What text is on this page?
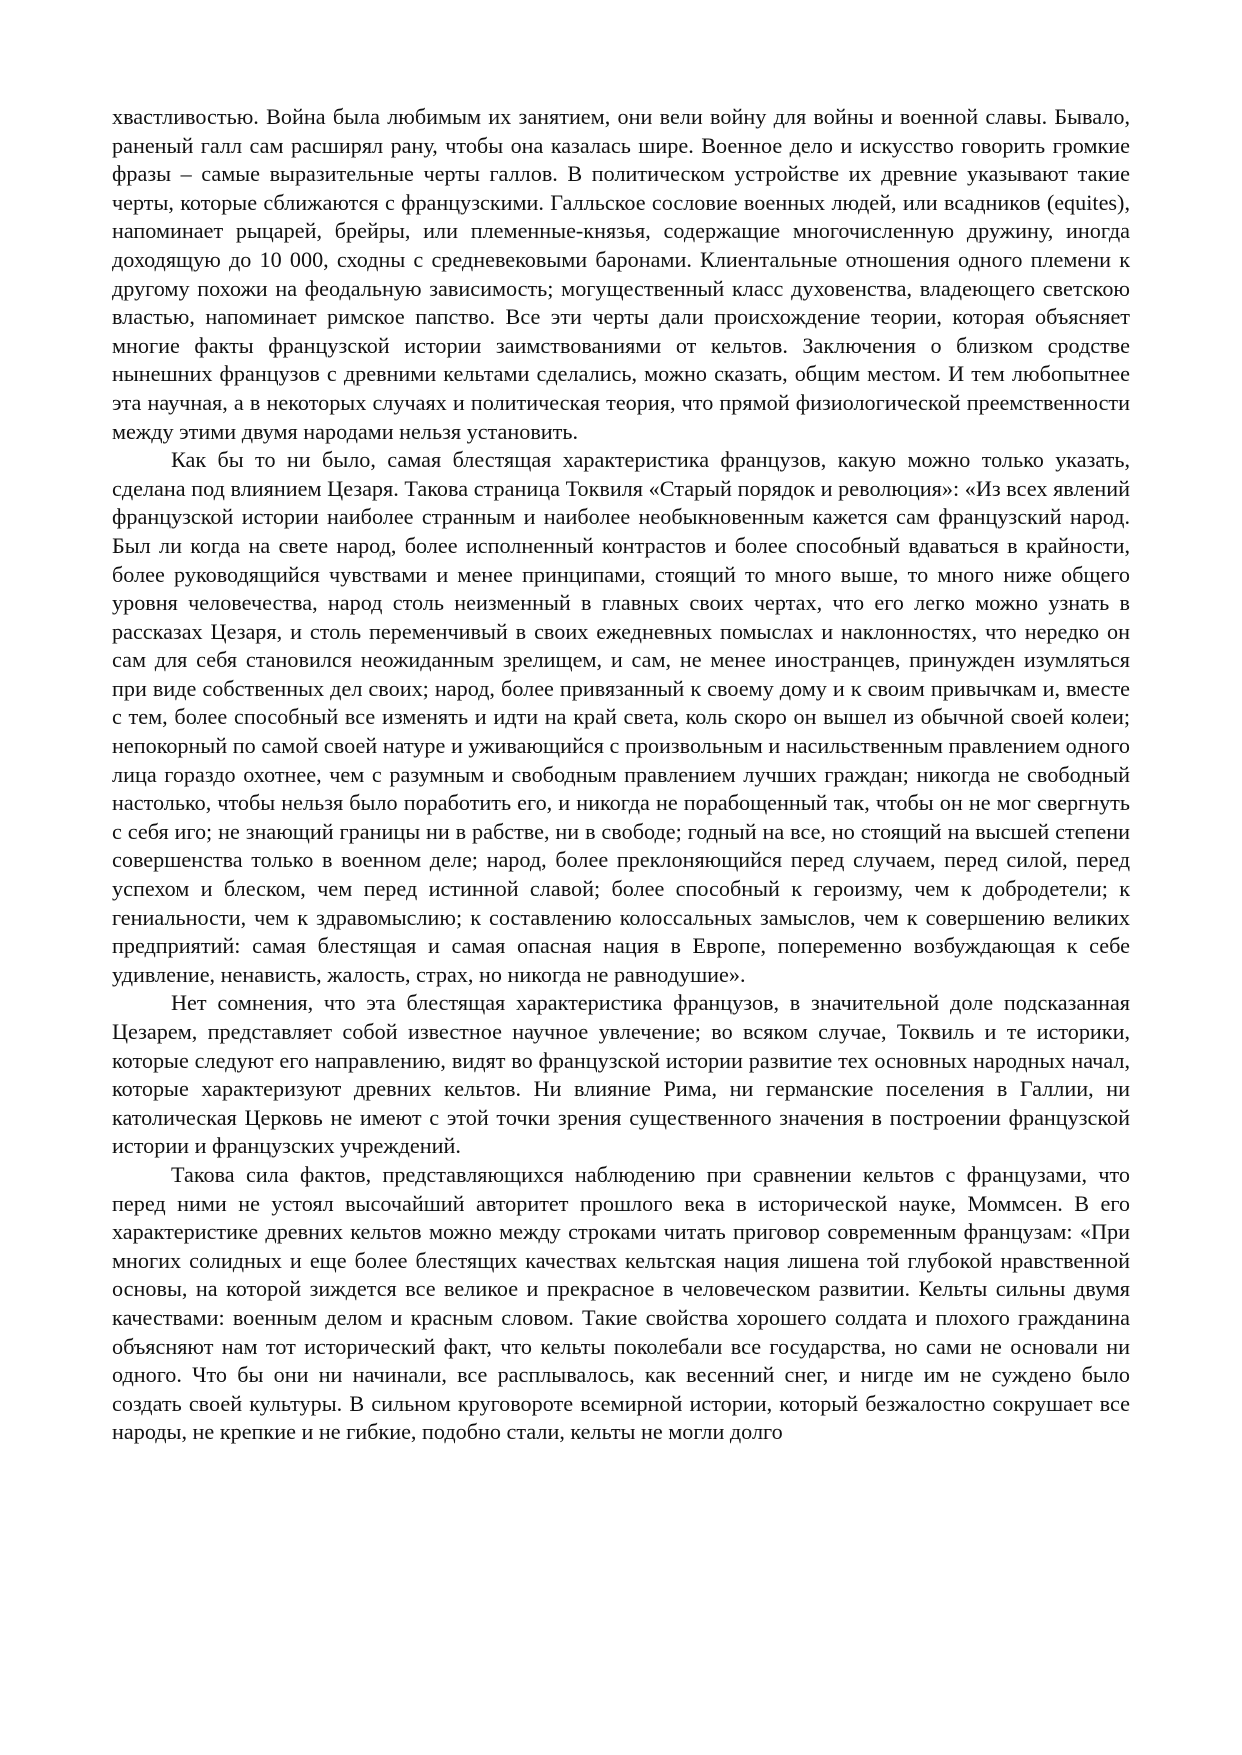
хвастливостью. Война была любимым их занятием, они вели войну для войны и военной славы. Бывало, раненый галл сам расширял рану, чтобы она казалась шире. Военное дело и искусство говорить громкие фразы – самые выразительные черты галлов. В политическом устройстве их древние указывают такие черты, которые сближаются с французскими. Галльское сословие военных людей, или всадников (equites), напоминает рыцарей, брейры, или племенные-князья, содержащие многочисленную дружину, иногда доходящую до 10 000, сходны с средневековыми баронами. Клиентальные отношения одного племени к другому похожи на феодальную зависимость; могущественный класс духовенства, владеющего светскою властью, напоминает римское папство. Все эти черты дали происхождение теории, которая объясняет многие факты французской истории заимствованиями от кельтов. Заключения о близком сродстве нынешних французов с древними кельтами сделались, можно сказать, общим местом. И тем любопытнее эта научная, а в некоторых случаях и политическая теория, что прямой физиологической преемственности между этими двумя народами нельзя установить.

Как бы то ни было, самая блестящая характеристика французов, какую можно только указать, сделана под влиянием Цезаря. Такова страница Токвиля «Старый порядок и революция»: «Из всех явлений французской истории наиболее странным и наиболее необыкновенным кажется сам французский народ. Был ли когда на свете народ, более исполненный контрастов и более способный вдаваться в крайности, более руководящийся чувствами и менее принципами, стоящий то много выше, то много ниже общего уровня человечества, народ столь неизменный в главных своих чертах, что его легко можно узнать в рассказах Цезаря, и столь переменчивый в своих ежедневных помыслах и наклонностях, что нередко он сам для себя становился неожиданным зрелищем, и сам, не менее иностранцев, принужден изумляться при виде собственных дел своих; народ, более привязанный к своему дому и к своим привычкам и, вместе с тем, более способный все изменять и идти на край света, коль скоро он вышел из обычной своей колеи; непокорный по самой своей натуре и уживающийся с произвольным и насильственным правлением одного лица гораздо охотнее, чем с разумным и свободным правлением лучших граждан; никогда не свободный настолько, чтобы нельзя было поработить его, и никогда не порабощенный так, чтобы он не мог свергнуть с себя иго; не знающий границы ни в рабстве, ни в свободе; годный на все, но стоящий на высшей степени совершенства только в военном деле; народ, более преклоняющийся перед случаем, перед силой, перед успехом и блеском, чем перед истинной славой; более способный к героизму, чем к добродетели; к гениальности, чем к здравомыслию; к составлению колоссальных замыслов, чем к совершению великих предприятий: самая блестящая и самая опасная нация в Европе, попеременно возбуждающая к себе удивление, ненависть, жалость, страх, но никогда не равнодушие».

Нет сомнения, что эта блестящая характеристика французов, в значительной доле подсказанная Цезарем, представляет собой известное научное увлечение; во всяком случае, Токвиль и те историки, которые следуют его направлению, видят во французской истории развитие тех основных народных начал, которые характеризуют древних кельтов. Ни влияние Рима, ни германские поселения в Галлии, ни католическая Церковь не имеют с этой точки зрения существенного значения в построении французской истории и французских учреждений.

Такова сила фактов, представляющихся наблюдению при сравнении кельтов с французами, что перед ними не устоял высочайший авторитет прошлого века в исторической науке, Моммсен. В его характеристике древних кельтов можно между строками читать приговор современным французам: «При многих солидных и еще более блестящих качествах кельтская нация лишена той глубокой нравственной основы, на которой зиждется все великое и прекрасное в человеческом развитии. Кельты сильны двумя качествами: военным делом и красным словом. Такие свойства хорошего солдата и плохого гражданина объясняют нам тот исторический факт, что кельты поколебали все государства, но сами не основали ни одного. Что бы они ни начинали, все расплывалось, как весенний снег, и нигде им не суждено было создать своей культуры. В сильном круговороте всемирной истории, который безжалостно сокрушает все народы, не крепкие и не гибкие, подобно стали, кельты не могли долго
